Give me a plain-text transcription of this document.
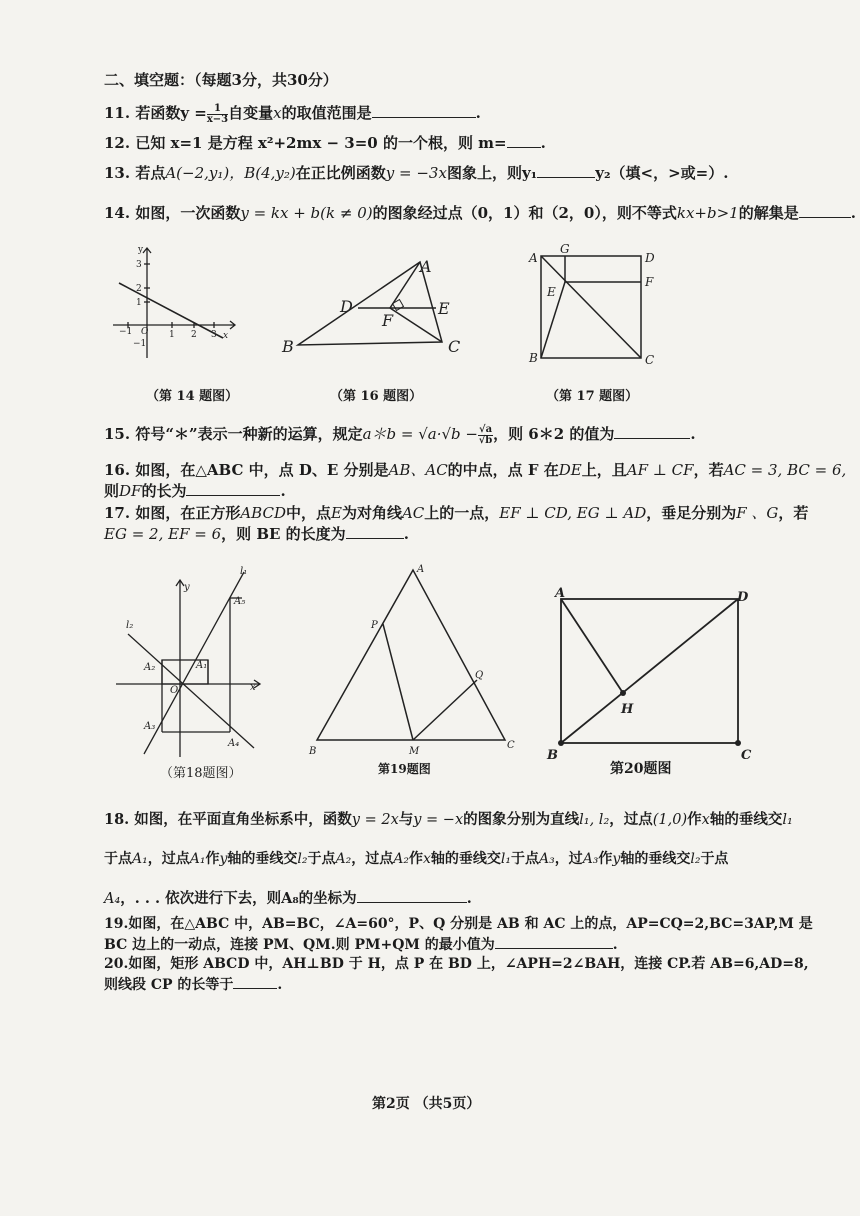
二、填空题：（每题3分，共30分）
11. 若函数$y = \frac{1}{x-3}$ 自变量x的取值范围是	.
12. 已知 x=1 是方程 x²+2mx − 3=0 的一个根，则 m= .
13. 若点A(−2,y₁)，B(4,y₂)在正比例函数y = −3x图象上，则y₁	y₂（填<，>或=）.
14. 如图，一次函数y = kx + b(k ≠ 0)的图象经过点（0，1）和（2，0），则不等式kx+b>1的解集是	.
y
x
3
2
1
−1 O 1 2 3
−1
A
B	C
D	E
F
A
B	C
D
E
F
G
（第 14 题图）	（第 16 题图）	（第 17 题图）
15. 符号“＊”表示一种新的运算，规定a＊b = $√a\cdot√b - \frac{√a}{√b}$ ，则 6＊2 的值为	.
16. 如图，在△ABC 中，点 D、E 分别是AB、AC的中点，点 F 在DE上，且AF ⊥ CF，若AC = 3, BC = 6,
则DF的长为	.
17. 如图，在正方形ABCD中，点E为对角线AC上的一点，EF ⊥ CD, EG ⊥ AD，垂足分别为F 、G，若
EG = 2, EF = 6，则 BE 的长度为	.
y
x
O
l₁
l₂
A₁
A₂
A₃
A₄
A₅
A
B
C
P
Q
M
A
B	C
D
H
（第18题图）	第19题图	第20题图
18. 如图，在平面直角坐标系中，函数y = 2x与y = −x的图象分别为直线l₁, l₂，过点(1,0)作x轴的垂线交l₁
于点A₁，过点A₁作y轴的垂线交l₂于点A₂，过点A₂作x轴的垂线交l₁于点A₃，过A₃作y轴的垂线交l₂于点
A₄，. . . 依次进行下去，则A₈的坐标为	.
19.如图，在△ABC 中，AB=BC，∠A=60°，P、Q 分别是 AB 和 AC 上的点，AP=CQ=2,BC=3AP,M 是
BC 边上的一动点，连接 PM、QM.则 PM+QM 的最小值为	.
20.如图，矩形 ABCD 中，AH⊥BD 于 H，点 P 在 BD 上，∠APH=2∠BAH，连接 CP.若 AB=6,AD=8,
则线段 CP 的长等于	.
第2页 （共5页）
